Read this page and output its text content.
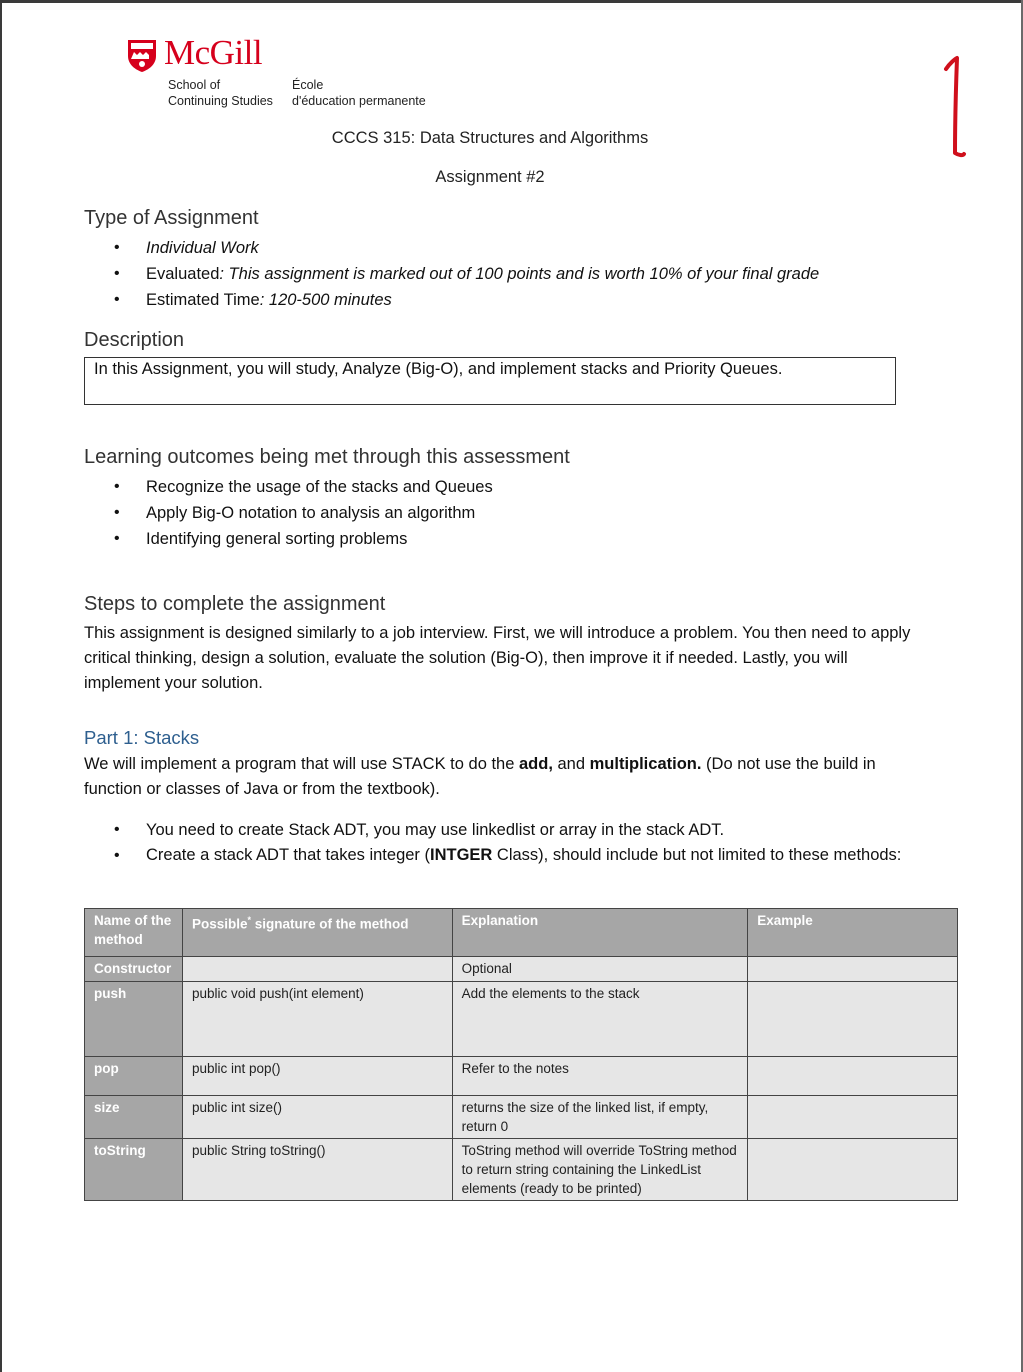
McGill
School of
Continuing Studies
École
d'éducation permanente
CCCS 315: Data Structures and Algorithms
Assignment #2
Type of Assignment
• Individual Work
• Evaluated: This assignment is marked out of 100 points and is worth 10% of your final grade
• Estimated Time: 120-500 minutes
Description
In this Assignment, you will study, Analyze (Big-O), and implement stacks and Priority Queues.
Learning outcomes being met through this assessment
• Recognize the usage of the stacks and Queues
• Apply Big-O notation to analysis an algorithm
• Identifying general sorting problems
Steps to complete the assignment

This assignment is designed similarly to a job interview. First, we will introduce a problem. You then need to apply critical thinking, design a solution, evaluate the solution (Big-O), then improve it if needed. Lastly, you will implement your solution.

Part 1: Stacks

We will implement a program that will use STACK to do the add, and multiplication. (Do not use the build in function or classes of Java or from the textbook).

• You need to create Stack ADT, you may use linkedlist or array in the stack ADT.
• Create a stack ADT that takes integer (INTGER Class), should include but not limited to these methods:
Name of the method	Possible* signature of the method	Explanation	Example
Constructor		Optional	
push	public void push(int element)	Add the elements to the stack	
pop	public int pop()	Refer to the notes	
size	public int size()	returns the size of the linked list, if empty, return 0	
toString	public String toString()	ToString method will override ToString method to return string containing the LinkedList elements (ready to be printed)	
